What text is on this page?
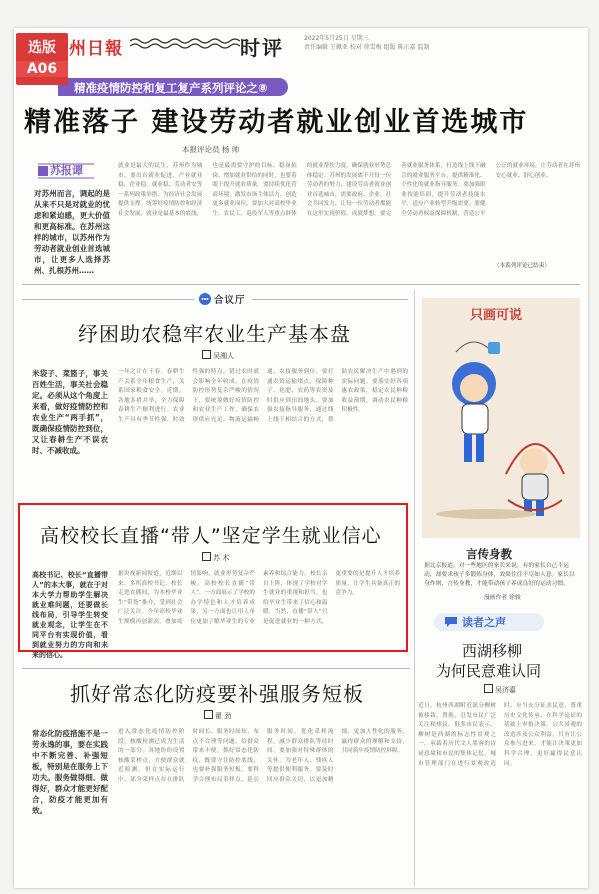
州日報	时评	2022年5月25日 星期三
责任编辑 王佩亚 校对 徐雪梅 组版 陈正嘉 监制
精准疫情防控和复工复产系列评论之⑧
精准落子 建设劳动者就业创业首选城市
本报评论员 杨 帅
苏报谭
对苏州而言，调起的是从来不只是对就业的忧虑和紧迫感，更大价值和更高标准。在苏州这样的城市，以苏州作为劳动者就业创业首选城市，让更多人选择苏州、扎根苏州……
就业是最大的民生，苏州作为城市，要出台就业促进、产业就业稳、企业稳、就业稳、劳动者安等一系列政策举措，为经济社会发展提供支撑。统筹好疫情防控和经济社会发展，就业是最基本的底线，也是最需要守护的目标。稳岗拓岗、增加就业供给的同时，也要着眼于提升就业质量。要持续优化营商环境，激发市场主体活力，创造更多就业岗位。要加大对高校毕业生、农民工、退役军人等重点群体的就业帮扶力度，确保就业形势总体稳定。苏州的发展离不开每一位劳动者的努力，建设劳动者就业创业首选城市，需要政府、企业、社会共同发力，让每一位劳动者都能在这里实现价值、成就梦想。要完善就业服务体系，打造线上线下融合的就业服务平台，提供精准化、个性化的就业指导服务。要加强职业技能培训，提升劳动者技能水平，适应产业转型升级需要。要健全劳动者权益保障机制，营造公平公正的就业环境，让劳动者在苏州安心就业、舒心创业。
（本系列评论已结束）
合议厅
纾困助农稳牢农业生产基本盘
吴湘人
米袋子、菜篮子，事关百姓生活，事关社会稳定。必须从这个角度上来看，做好疫情防控和农业生产“两手抓”，既确保疫情防控到位，又让春耕生产不误农时、不减收成。
一年之计在于春。春耕生产关系全年粮食生产，关系国家粮食安全。近期，各地多措并举，全力保障春耕生产顺利进行。农业生产具有季节性强、时效性强的特点，错过农时就会影响全年收成。在疫情防控形势复杂严峻的情况下，要统筹做好疫情防控和农业生产工作，确保农资供应充足、物流运输畅通、农技服务到位。要打通农资运输堵点，保障种子、化肥、农药等农资及时供应到田间地头。要加强农技指导服务，通过线上线下相结合的方式，帮助农民解决生产中遇到的实际问题。要落实好各项惠农政策，稳定农民种粮收益预期，调动农民种粮积极性。
高校校长直播“带人”坚定学生就业信心
苏 木
高校书记、校长“直播带人”的本大事，就在于对本大学力帮助学生解决就业难问题，还要做长线布局，引导学生转变就业观念，让学生在不同平台有实现价值，看到就业努力的方向和未来的信心。
据央视新闻报道，近期以来，多所高校书记、校长走进直播间，为本校毕业生“带货”推介，受到社会广泛关注。今年高校毕业生规模再创新高，叠加疫情影响，就业形势复杂严峻。高校校长直播“带人”，一方面展示了学校的办学特色和人才培养成果，另一方面也让用人单位更加了解毕业生的专业素养和综合能力。校长亲自上阵，体现了学校对学生就业的重视和担当，也给毕业生带来了信心和温暖。当然，直播“带人”只是促进就业的一种方式，更重要的是提升人才培养质量，让学生具备真正的竞争力。
抓好常态化防疫要补强服务短板
翟 劲
常态化防疫措施不是一劳永逸的事，要在实践中不断完善、补强短板，特别是在服务上下功夫。服务做得细、做得好，群众才能更好配合，防疫才能更加有效。
进入常态化疫情防控阶段，核酸检测已成为生活的一部分。各地纷纷设置核酸采样点，方便群众就近检测。但在实际运行中，部分采样点存在排队时间长、服务时间短、布点不合理等问题，给群众带来不便。抓好常态化防疫，既要守住防控底线，也要补强服务短板。要科学合理布局采样点，延长服务时间，优化采样流程，减少群众排队等待时间。要加强对特殊群体的关怀，为老年人、残疾人等提供便利服务。要及时回应群众关切，以更加精细、更加人性化的服务，赢得群众的理解和支持，共同筑牢疫情防控屏障。
只画可说
言传身教
据北京报道，对一些地区的家长来说，有的家长自己不运动，却要求孩子多锻炼身体，效果往往不尽如人意。家长以身作则、言传身教，才能带动孩子养成良好的运动习惯。
漫画作者 徐骏
读者之声
西湖移柳
为何民意难认同
吴济嘉
近日，杭州西湖附近部分柳树被移栽、置换，引发市民广泛关注和热议。很多市民表示，柳树是西湖的标志性景观之一，承载着历代文人墨客的诗词意境和市民的集体记忆。城市管理部门在进行景观改造时，应当充分征求民意，尊重历史文化传承，在科学论证的基础上审慎决策。公共景观的改造涉及公众利益，只有让公众参与进来，才能让决策更加科学合理，更好赢得民意认同。
选版
A06
